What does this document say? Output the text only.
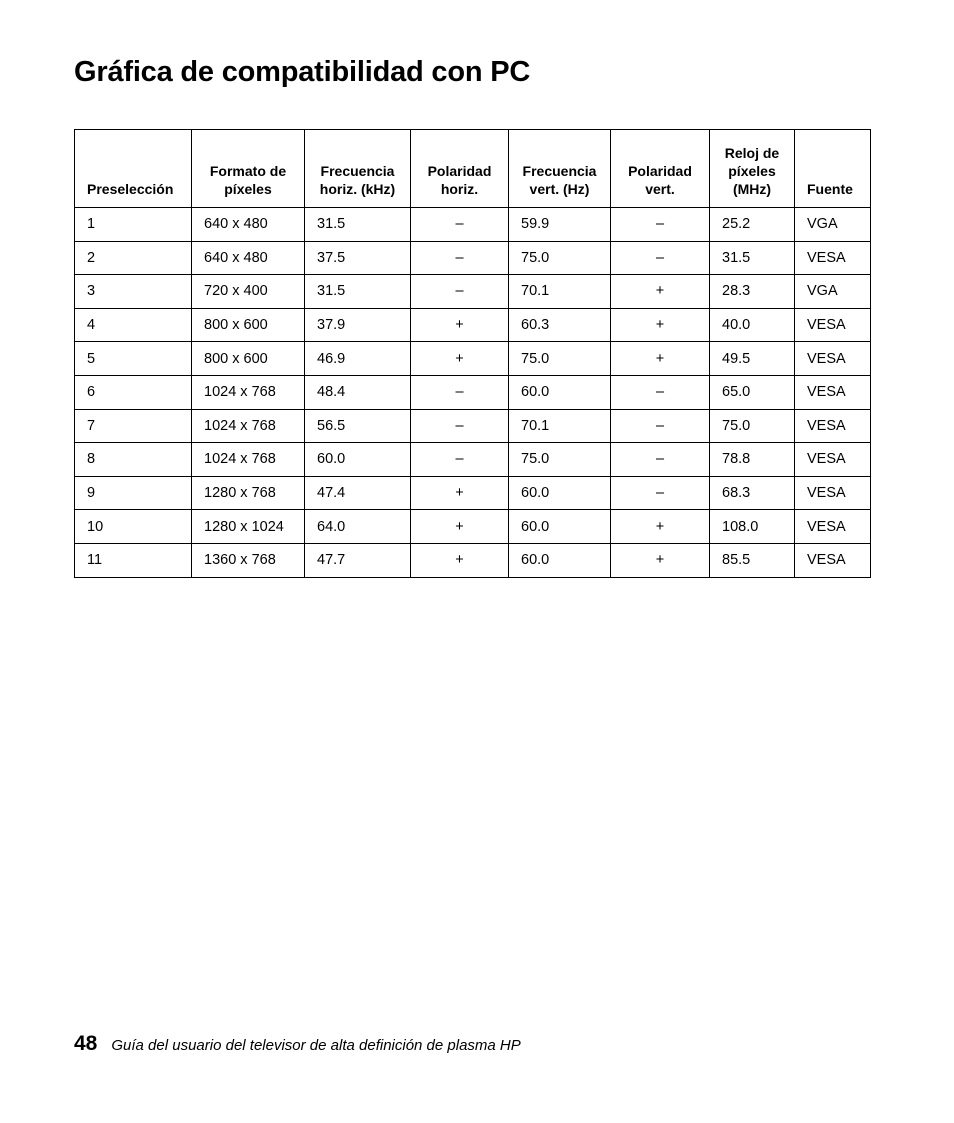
Gráfica de compatibilidad con PC
Preselección	Formato de píxeles	Frecuencia horiz. (kHz)	Polaridad horiz.	Frecuencia vert. (Hz)	Polaridad vert.	Reloj de píxeles (MHz)	Fuente
1	640 x 480	31.5	–	59.9	–	25.2	VGA
2	640 x 480	37.5	–	75.0	–	31.5	VESA
3	720 x 400	31.5	–	70.1	+	28.3	VGA
4	800 x 600	37.9	+	60.3	+	40.0	VESA
5	800 x 600	46.9	+	75.0	+	49.5	VESA
6	1024 x 768	48.4	–	60.0	–	65.0	VESA
7	1024 x 768	56.5	–	70.1	–	75.0	VESA
8	1024 x 768	60.0	–	75.0	–	78.8	VESA
9	1280 x 768	47.4	+	60.0	–	68.3	VESA
10	1280 x 1024	64.0	+	60.0	+	108.0	VESA
11	1360 x 768	47.7	+	60.0	+	85.5	VESA
48 Guía del usuario del televisor de alta definición de plasma HP
